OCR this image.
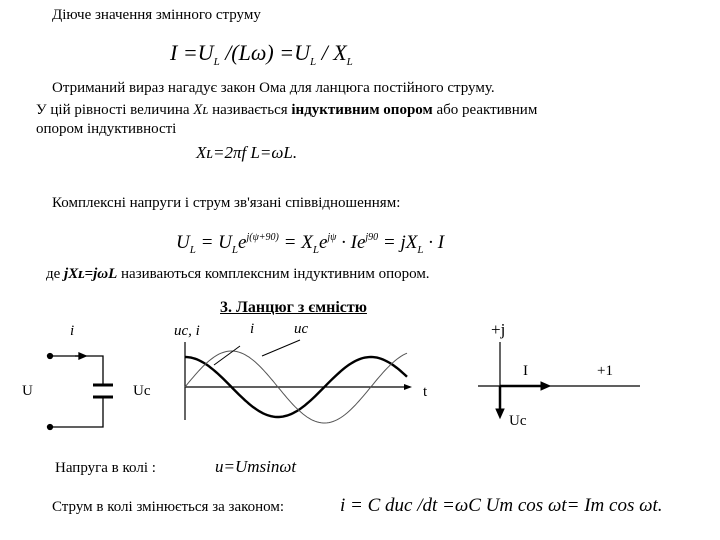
Діюче значення змінного струму
$I =U_L$ $/(L\omega) =U_L / X_L$
Отриманий вираз нагадує закон Ома для ланцюга постійного струму.
У цій рівності величина Xʟ називається індуктивним опором або реактивним
опором індуктивності
Xʟ=2πf L=ωL.
Комплексні напруги і струм зв'язані співвідношенням:
$U_L = U_Le^{j(\psi+90)} = X_Le^{j\psi} \cdot Ie^{j90} = jX_L \cdot I$
де jXʟ=jωL називаються комплексним індуктивним опором.
3. Ланцюг з ємністю
i
U	Uc
uc, i	i	uc
t
+j
I	+1
Uc
Напруга в колі :	u=Umsinωt
Струм в колі змінюється за законом:	i = C duc /dt =ωC Um cos ωt= Im cos ωt.
